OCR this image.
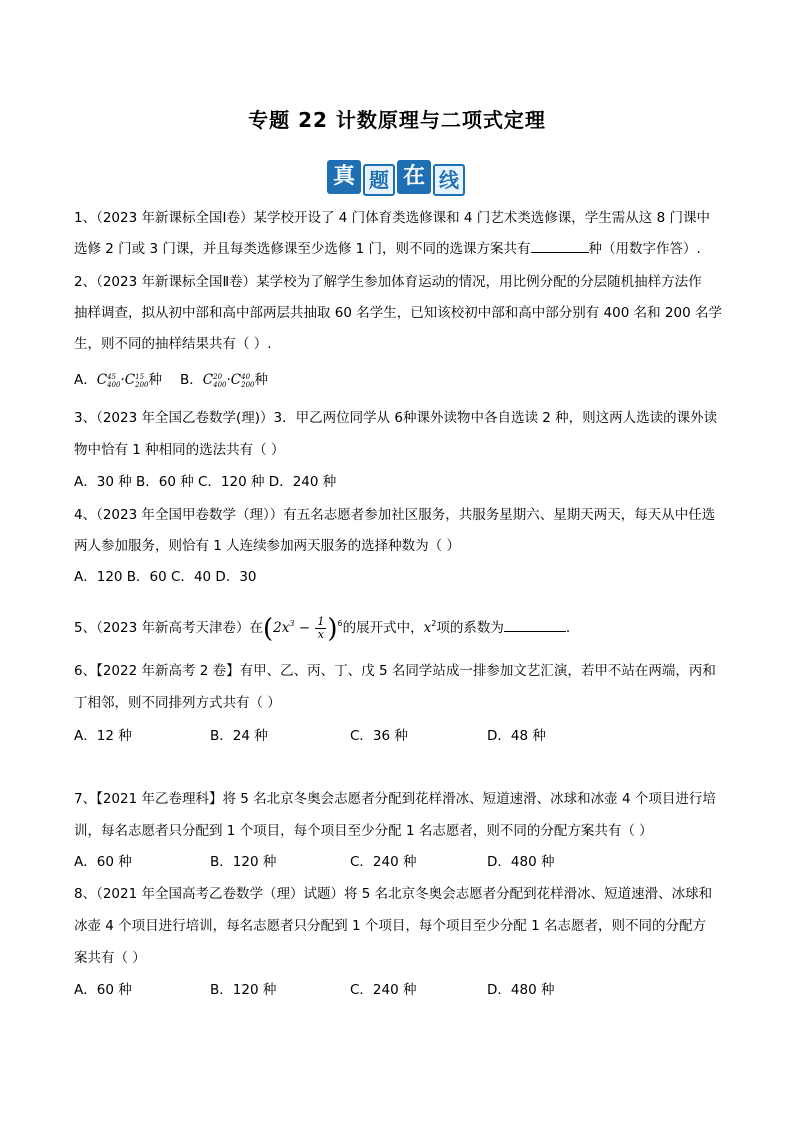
专题 22 计数原理与二项式定理
真 题 在 线
1、（2023 年新课标全国Ⅰ卷）某学校开设了 4 门体育类选修课和 4 门艺术类选修课，学生需从这 8 门课中
选修 2 门或 3 门课，并且每类选修课至少选修 1 门，则不同的选课方案共有	种（用数字作答）.
2、（2023 年新课标全国Ⅱ卷）某学校为了解学生参加体育运动的情况，用比例分配的分层随机抽样方法作
抽样调查，拟从初中部和高中部两层共抽取 60 名学生，已知该校初中部和高中部分别有 400 名和 200 名学
生，则不同的抽样结果共有（ ）.
A．C 45
400 ·C 15
200 种 B．C 20
400 ·C 40
200 种
3、（2023 年全国乙卷数学(理)）3．甲乙两位同学从 6种课外读物中各自选读 2 种，则这两人选读的课外读
物中恰有 1 种相同的选法共有（ ）
A．30 种 B．60 种 C．120 种 D．240 种
4、（2023 年全国甲卷数学（理））有五名志愿者参加社区服务，共服务星期六、星期天两天，每天从中任选
两人参加服务，则恰有 1 人连续参加两天服务的选择种数为（ ）
A．120 B．60 C．40 D．30
5、（2023 年新高考天津卷）在$(2x^3 - \frac{1}{x} )^6$的展开式中，$x^2$项的系数为	.
6、【2022 年新高考 2 卷】有甲、乙、丙、丁、戊 5 名同学站成一排参加文艺汇演，若甲不站在两端，丙和
丁相邻，则不同排列方式共有（ ）
A．12 种	B．24 种	C．36 种	D．48 种
7、【2021 年乙卷理科】将 5 名北京冬奥会志愿者分配到花样滑冰、短道速滑、冰球和冰壶 4 个项目进行培
训，每名志愿者只分配到 1 个项目，每个项目至少分配 1 名志愿者，则不同的分配方案共有（ ）
A．60 种	B．120 种	C．240 种	D．480 种
8、（2021 年全国高考乙卷数学（理）试题）将 5 名北京冬奥会志愿者分配到花样滑冰、短道速滑、冰球和
冰壶 4 个项目进行培训，每名志愿者只分配到 1 个项目，每个项目至少分配 1 名志愿者，则不同的分配方
案共有（ ）
A．60 种	B．120 种	C．240 种	D．480 种
